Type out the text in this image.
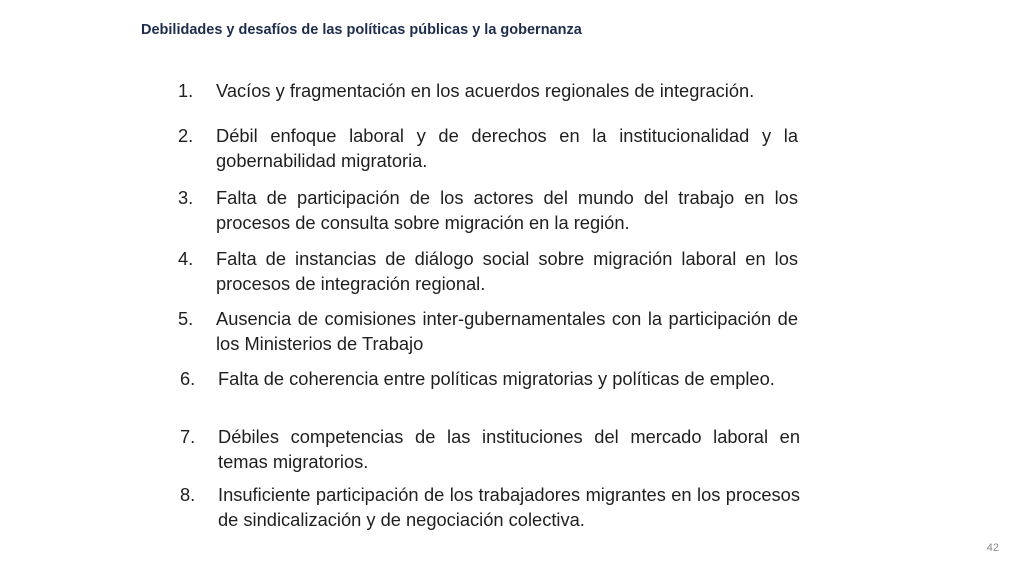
Debilidades y desafíos de las políticas públicas y la gobernanza
1. Vacíos y fragmentación en los acuerdos regionales de integración.
2. Débil enfoque laboral y de derechos en la institucionalidad y la gobernabilidad migratoria.
3. Falta de participación de los actores del mundo del trabajo en los procesos de consulta sobre migración en la región.
4. Falta de instancias de diálogo social sobre migración laboral en los procesos de integración regional.
5. Ausencia de comisiones inter-gubernamentales con la participación de los Ministerios de Trabajo
6. Falta de coherencia entre políticas migratorias y políticas de empleo.
7. Débiles competencias de las instituciones del mercado laboral en temas migratorios.
8. Insuficiente participación de los trabajadores migrantes en los procesos de sindicalización y de negociación colectiva.
42
